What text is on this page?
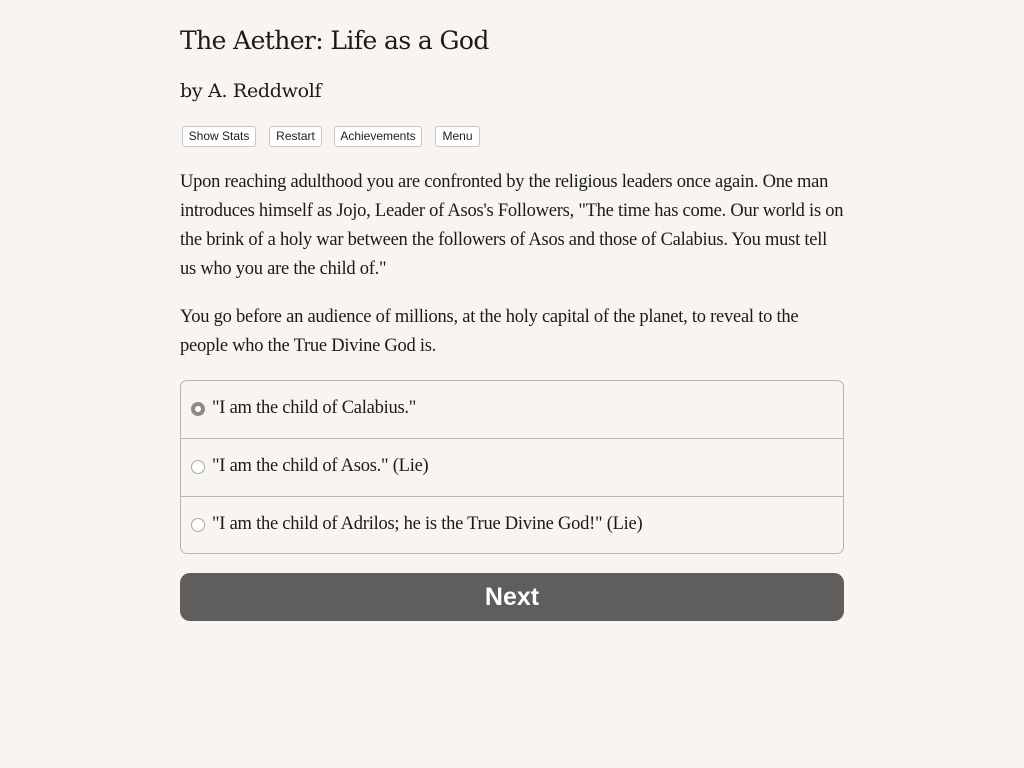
The Aether: Life as a God
by A. Reddwolf
Show Stats	Restart	Achievements	Menu

Upon reaching adulthood you are confronted by the religious leaders once again. One man introduces himself as Jojo, Leader of Asos's Followers, "The time has come. Our world is on the brink of a holy war between the followers of Asos and those of Calabius. You must tell us who you are the child of."

You go before an audience of millions, at the holy capital of the planet, to reveal to the people who the True Divine God is.

"I am the child of Calabius."
"I am the child of Asos." (Lie)
"I am the child of Adrilos; he is the True Divine God!" (Lie)
Next
